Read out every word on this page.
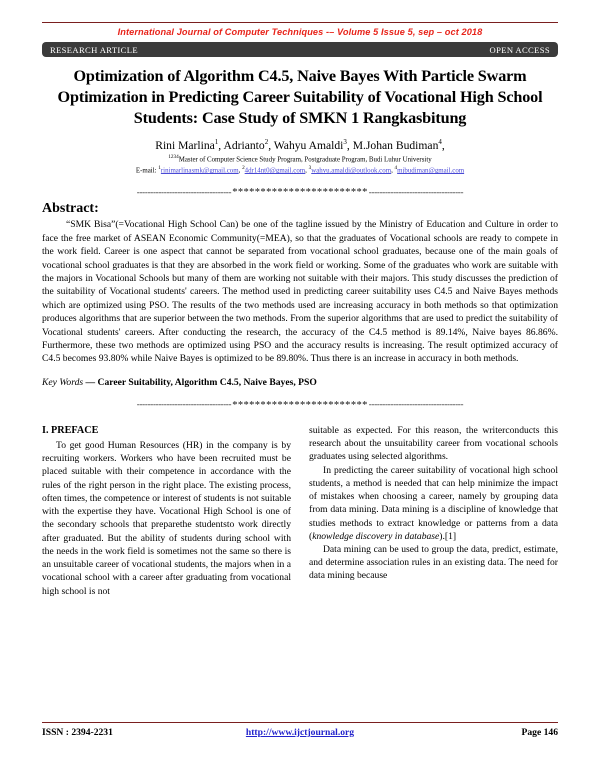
International Journal of Computer Techniques -– Volume 5 Issue 5, sep – oct 2018
RESEARCH ARTICLE	OPEN ACCESS
Optimization of Algorithm C4.5, Naive Bayes With Particle Swarm Optimization in Predicting Career Suitability of Vocational High School Students: Case Study of SMKN 1 Rangkasbitung
Rini Marlina$^1$, Adrianto$^2$, Wahyu Amaldi$^3$, M.Johan Budiman$^4$,
$^{1234}$Master of Computer Science Study Program, Postgraduate Program, Budi Luhur University
E-mail: $^1$rinimarlinasmk@gmail.com, $^2$4dr14nt0@gmail.com, $^3$wahyu.amaldi@outlook.com, $^4$mjbudiman@gmail.com
----------------------------------- ************************ -----------------------------------
Abstract:
“SMK Bisa”(=Vocational High School Can) be one of the tagline issued by the Ministry of Education and Culture in order to face the free market of ASEAN Economic Community(=MEA), so that the graduates of Vocational schools are ready to compete in the work field. Career is one aspect that cannot be separated from vocational school graduates, because one of the main goals of vocational school graduates is that they are absorbed in the work field or working. Some of the graduates who work are suitable with the majors in Vocational Schools but many of them are working not suitable with their majors. This study discusses the prediction of the suitability of Vocational students' careers. The method used in predicting career suitability uses C4.5 and Naive Bayes methods which are optimized using PSO. The results of the two methods used are increasing accuracy in both methods so that optimization produces algorithms that are superior between the two methods. From the superior algorithms that are used to predict the suitability of Vocational students' careers. After conducting the research, the accuracy of the C4.5 method is 89.14%, Naive bayes 86.86%. Furthermore, these two methods are optimized using PSO and the accuracy results is increasing. The result optimized accuracy of C4.5 becomes 93.80% while Naive Bayes is optimized to be 89.80%. Thus there is an increase in accuracy in both methods.
Key Words — Career Suitability, Algorithm C4.5, Naive Bayes, PSO
----------------------------------- ************************ -----------------------------------
I. PREFACE

To get good Human Resources (HR) in the company is by recruiting workers. Workers who have been recruited must be placed suitable with their competence in accordance with the rules of the right person in the right place. The existing process, often times, the competence or interest of students is not suitable with the expertise they have. Vocational High School is one of the secondary schools that preparethe studentsto work directly after graduated. But the ability of students during school with the needs in the work field is sometimes not the same so there is an unsuitable career of vocational students, the majors when in a vocational school with a career after graduating from vocational high school is not

suitable as expected. For this reason, the writerconducts this research about the unsuitability career from vocational schools graduates using selected algorithms.

In predicting the career suitability of vocational high school students, a method is needed that can help minimize the impact of mistakes when choosing a career, namely by grouping data from data mining. Data mining is a discipline of knowledge that studies methods to extract knowledge or patterns from a data (knowledge discovery in database).[1]

Data mining can be used to group the data, predict, estimate, and determine association rules in an existing data. The need for data mining because

ISSN : 2394-2231	http://www.ijctjournal.org	Page 146
